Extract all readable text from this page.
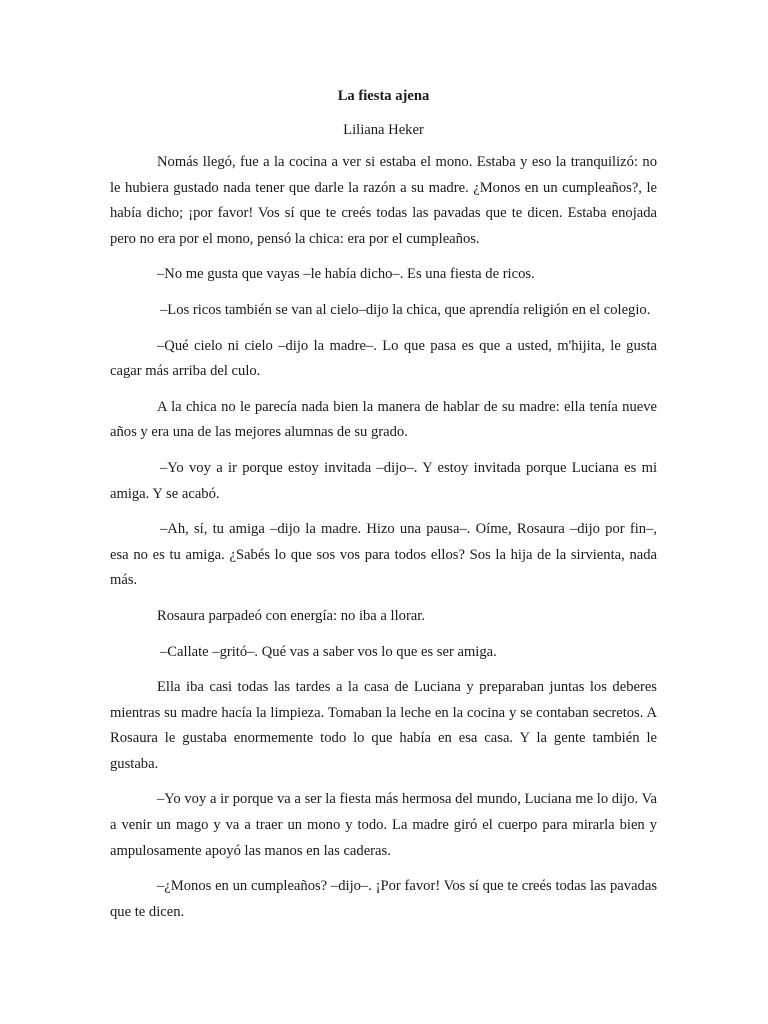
La fiesta ajena

Liliana Heker

Nomás llegó, fue a la cocina a ver si estaba el mono. Estaba y eso la tranquilizó: no le hubiera gustado nada tener que darle la razón a su madre. ¿Monos en un cumpleaños?, le había dicho; ¡por favor! Vos sí que te creés todas las pavadas que te dicen. Estaba enojada pero no era por el mono, pensó la chica: era por el cumpleaños.

–No me gusta que vayas –le había dicho–. Es una fiesta de ricos.

–Los ricos también se van al cielo–dijo la chica, que aprendía religión en el colegio.

–Qué cielo ni cielo –dijo la madre–. Lo que pasa es que a usted, m'hijita, le gusta cagar más arriba del culo.

A la chica no le parecía nada bien la manera de hablar de su madre: ella tenía nueve años y era una de las mejores alumnas de su grado.

–Yo voy a ir porque estoy invitada –dijo–. Y estoy invitada porque Luciana es mi amiga. Y se acabó.

–Ah, sí, tu amiga –dijo la madre. Hizo una pausa–. Oíme, Rosaura –dijo por fin–, esa no es tu amiga. ¿Sabés lo que sos vos para todos ellos? Sos la hija de la sirvienta, nada más.

Rosaura parpadeó con energía: no iba a llorar.

–Callate –gritó–. Qué vas a saber vos lo que es ser amiga.

Ella iba casi todas las tardes a la casa de Luciana y preparaban juntas los deberes mientras su madre hacía la limpieza. Tomaban la leche en la cocina y se contaban secretos. A Rosaura le gustaba enormemente todo lo que había en esa casa. Y la gente también le gustaba.

–Yo voy a ir porque va a ser la fiesta más hermosa del mundo, Luciana me lo dijo. Va a venir un mago y va a traer un mono y todo. La madre giró el cuerpo para mirarla bien y ampulosamente apoyó las manos en las caderas.

–¿Monos en un cumpleaños? –dijo–. ¡Por favor! Vos sí que te creés todas las pavadas que te dicen.
